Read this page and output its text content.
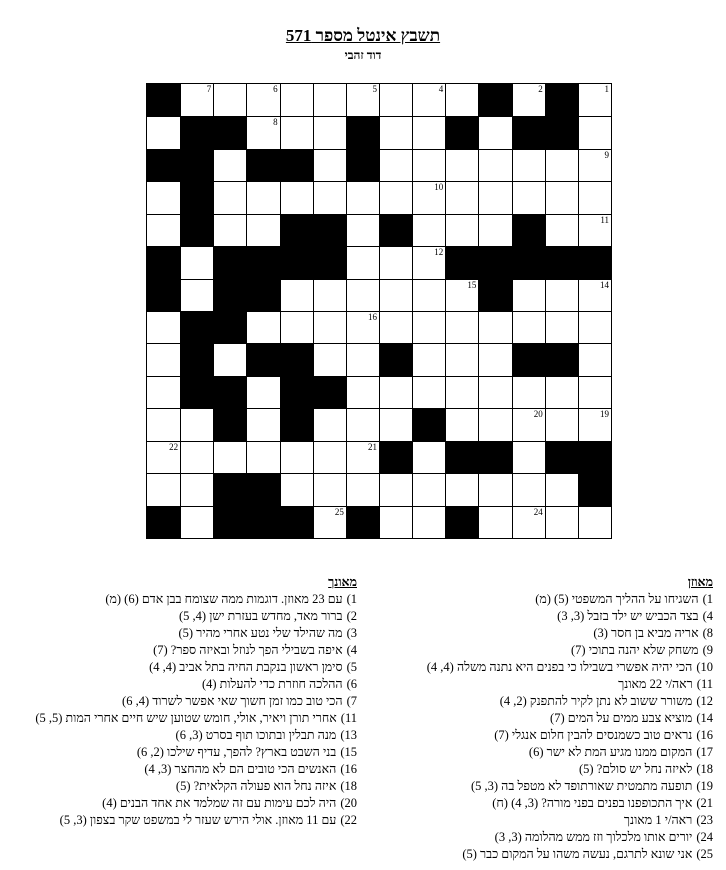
תשבץ אינטל מספר 571
דוד זהבי
7	6	5	4	3	2	1
8
9
10
11
13	12
15	14
16
17
18
20	19
22	21
23
25	24
מאוזן
1)השגיחו על ההליך המשפטי (5) (מ)
4)בצד הכביש יש ילד בזבל (3, 3)
8)אריה מביא בן חסר (3)
9)משחק שלא יהנה בתוכי (7)
10)הכי יהיה אפשרי בשבילו כי בפנים היא נתנה משלה (4, 4)
11)ראה/י 22 מאונך
12)משורר ששוב לא נתן לקיר להתפנק (2, 4)
14)מוציא צבע ממים על המים (7)
16)נראים טוב כשמנסים להבין חלום אנגלי (7)
17)המקום ממנו מגיע המת לא ישר (6)
18)לאיזה נחל יש סולם? (5)
19)תופעה מתמטית שאורתופד לא מטפל בה (3, 5)
21)איך התכופפנו בפנים בפני מורה? (3, 4) (ח)
23)ראה/י 1 מאונך
24)יורים אותו מלכלוך וזז ממש מהלומה (3, 3)
25)אני שונא לתרגם, נעשה משהו על המקום כבר (5)
מאונך
1)עם 23 מאוזן. דוגמות ממה שצומח בבן אדם (6) (מ)
2)ברור מאד, מחדש בעזרת ישן (4, 5)
3)מה שהילד שלי נטע אחרי מהיר (5)
4)איפה בשבילי הפך לנוזל ובאיזה ספר? (7)
5)סימן ראשון בנקבת החיה בתל אביב (4, 4)
6)ההלכה חוזרת כדי להעלות (4)
7)הכי טוב כמו זמן חשוך שאי אפשר לשרוד (4, 6)
11)אחרי תורן ויאיר, אולי, חומש שטוען שיש חיים אחרי המות (5, 5)
13)מנה תבלין ובתוכו תוף בסרט (3, 6)
15)בני השבט בארץ? להפך, עדיף שילכו (2, 6)
16)האנשים הכי טובים הם לא מהחצר (3, 4)
18)איזה נחל הוא פעולה הקלאית? (5)
20)היה לכם עימות עם זה שמלמד את אחד הבנים (4)
22)עם 11 מאוזן. אולי הירש שעזר לי במשפט שקר בצפון (3, 5)
